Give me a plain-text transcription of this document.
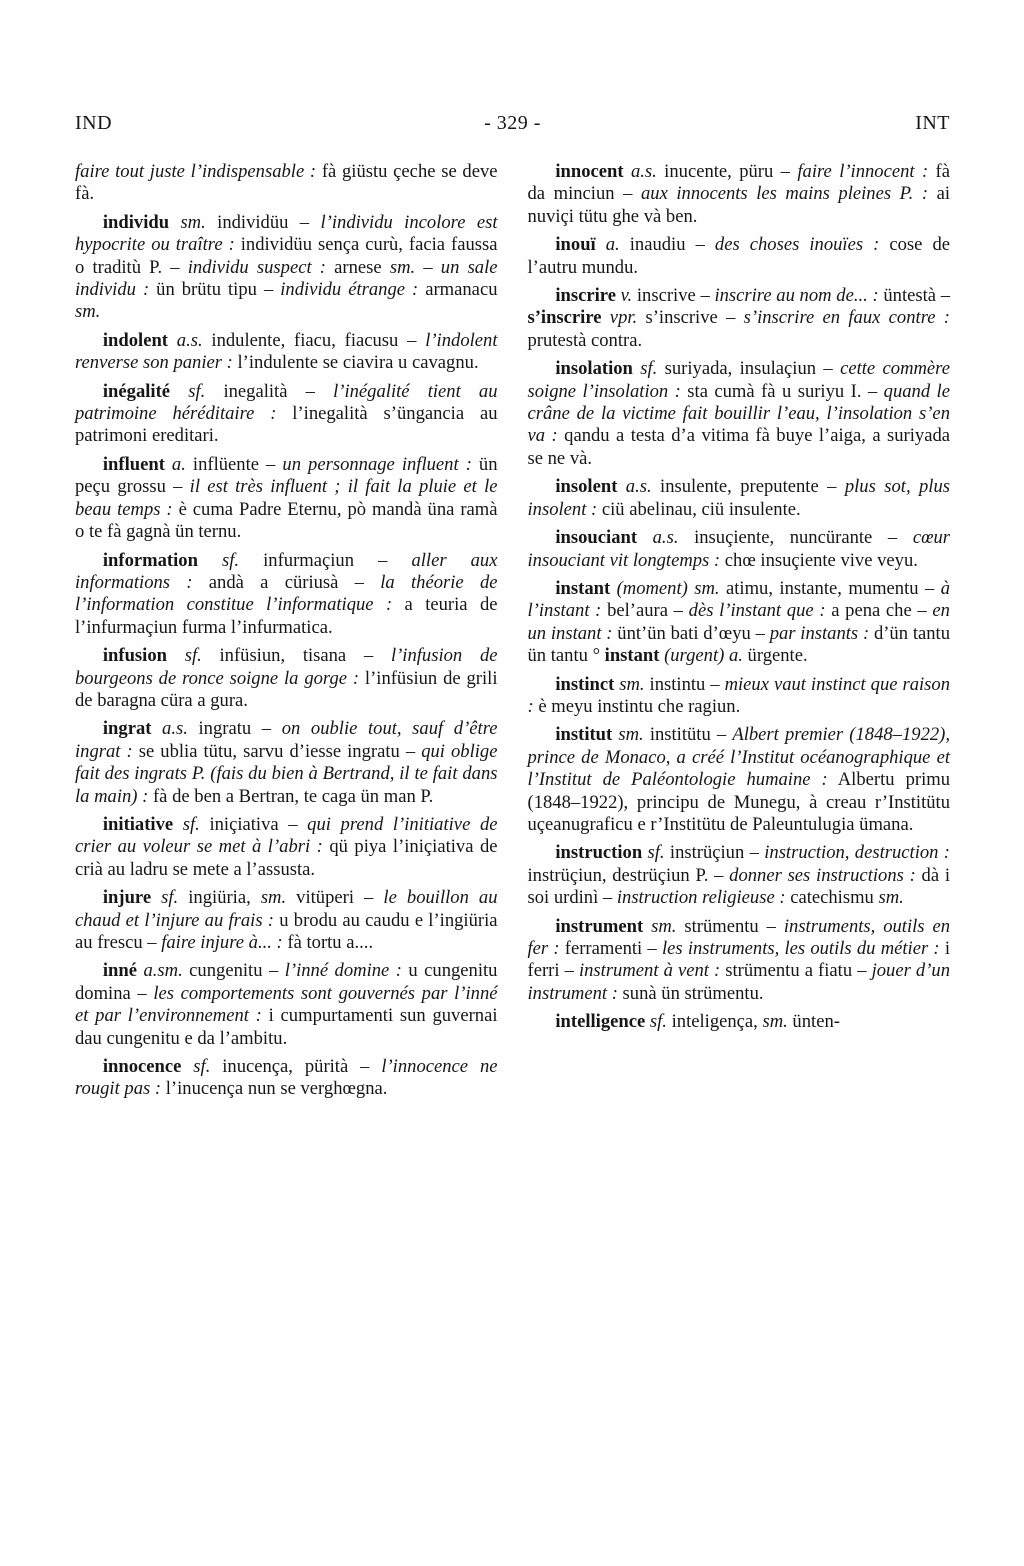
IND	- 329 -	INT

faire tout juste l’indispensable : fà giüstu çeche se deve fà.

individu sm. individüu – l’individu incolore est hypocrite ou traître : individüu sença curù, facia faussa o traditù P. – individu suspect : arnese sm. – un sale individu : ün brütu tipu – individu étrange : armanacu sm.

indolent a.s. indulente, fiacu, fiacusu – l’indolent renverse son panier : l’indulente se ciavira u cavagnu.

inégalité sf. inegalità – l’inégalité tient au patrimoine héréditaire : l’inegalità s’üngancia au patrimoni ereditari.

influent a. inflüente – un personnage influent : ün peçu grossu – il est très influent ; il fait la pluie et le beau temps : è cuma Padre Eternu, pò mandà üna ramà o te fà gagnà ün ternu.

information sf. infurmaçiun – aller aux informations : andà a cüriusà – la théorie de l’information constitue l’informatique : a teuria de l’infurmaçiun furma l’infurmatica.

infusion sf. infüsiun, tisana – l’infusion de bourgeons de ronce soigne la gorge : l’infüsiun de grili de baragna cüra a gura.

ingrat a.s. ingratu – on oublie tout, sauf d’être ingrat : se ublia tütu, sarvu d’iesse ingratu – qui oblige fait des ingrats P. (fais du bien à Bertrand, il te fait dans la main) : fà de ben a Bertran, te caga ün man P.

initiative sf. iniçiativa – qui prend l’initiative de crier au voleur se met à l’abri : qü piya l’iniçiativa de crià au ladru se mete a l’assusta.

injure sf. ingiüria, sm. vitüperi – le bouillon au chaud et l’injure au frais : u brodu au caudu e l’ingiüria au frescu – faire injure à... : fà tortu a....

inné a.sm. cungenitu – l’inné domine : u cungenitu domina – les comportements sont gouvernés par l’inné et par l’environnement : i cumpurtamenti sun guvernai dau cungenitu e da l’ambitu.

innocence sf. inucença, pürità – l’innocence ne rougit pas : l’inucença nun se verghœgna.

innocent a.s. inucente, püru – faire l’innocent : fà da minciun – aux innocents les mains pleines P. : ai nuviçi tütu ghe và ben.

inouï a. inaudiu – des choses inouïes : cose de l’autru mundu.

inscrire v. inscrive – inscrire au nom de... : üntestà – s’inscrire vpr. s’inscrive – s’inscrire en faux contre : prutestà contra.

insolation sf. suriyada, insulaçiun – cette commère soigne l’insolation : sta cumà fà u suriyu I. – quand le crâne de la victime fait bouillir l’eau, l’insolation s’en va : qandu a testa d’a vitima fà buye l’aiga, a suriyada se ne và.

insolent a.s. insulente, preputente – plus sot, plus insolent : ciü abelinau, ciü insulente.

insouciant a.s. insuçiente, nuncürante – cœur insouciant vit longtemps : chœ insuçiente vive veyu.

instant (moment) sm. atimu, instante, mumentu – à l’instant : bel’aura – dès l’instant que : a pena che – en un instant : ünt’ün bati d’œyu – par instants : d’ün tantu ün tantu ° instant (urgent) a. ürgente.

instinct sm. instintu – mieux vaut instinct que raison : è meyu instintu che ragiun.

institut sm. institütu – Albert premier (1848–1922), prince de Monaco, a créé l’Institut océanographique et l’Institut de Paléontologie humaine : Albertu primu (1848–1922), principu de Munegu, à creau r’Institütu uçeanugraficu e r’Institütu de Paleuntulugia ümana.

instruction sf. instrüçiun – instruction, destruction : instrüçiun, destrüçiun P. – donner ses instructions : dà i soi urdinì – instruction religieuse : catechismu sm.

instrument sm. strümentu – instruments, outils en fer : ferramenti – les instruments, les outils du métier : i ferri – instrument à vent : strümentu a fiatu – jouer d’un instrument : sunà ün strümentu.

intelligence sf. inteligença, sm. ünten-
